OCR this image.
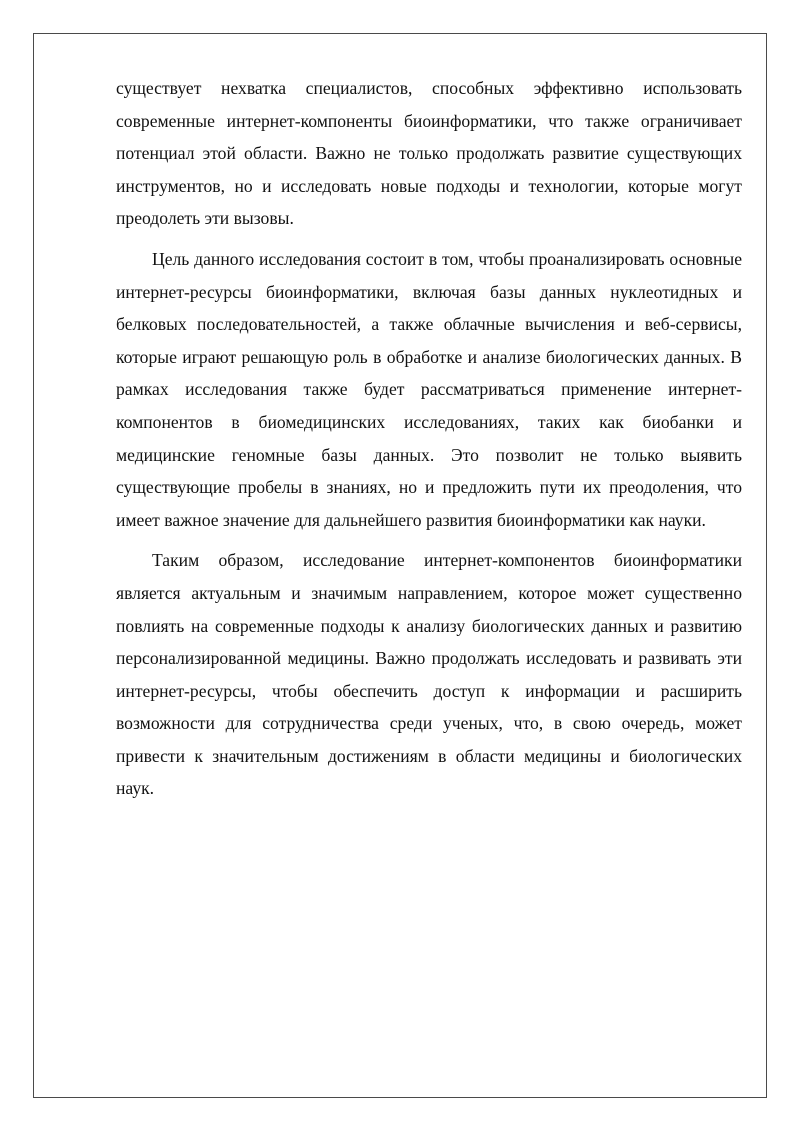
существует нехватка специалистов, способных эффективно использовать современные интернет-компоненты биоинформатики, что также ограничивает потенциал этой области. Важно не только продолжать развитие существующих инструментов, но и исследовать новые подходы и технологии, которые могут преодолеть эти вызовы.

Цель данного исследования состоит в том, чтобы проанализировать основные интернет-ресурсы биоинформатики, включая базы данных нуклеотидных и белковых последовательностей, а также облачные вычисления и веб-сервисы, которые играют решающую роль в обработке и анализе биологических данных. В рамках исследования также будет рассматриваться применение интернет-компонентов в биомедицинских исследованиях, таких как биобанки и медицинские геномные базы данных. Это позволит не только выявить существующие пробелы в знаниях, но и предложить пути их преодоления, что имеет важное значение для дальнейшего развития биоинформатики как науки.

Таким образом, исследование интернет-компонентов биоинформатики является актуальным и значимым направлением, которое может существенно повлиять на современные подходы к анализу биологических данных и развитию персонализированной медицины. Важно продолжать исследовать и развивать эти интернет-ресурсы, чтобы обеспечить доступ к информации и расширить возможности для сотрудничества среди ученых, что, в свою очередь, может привести к значительным достижениям в области медицины и биологических наук.
